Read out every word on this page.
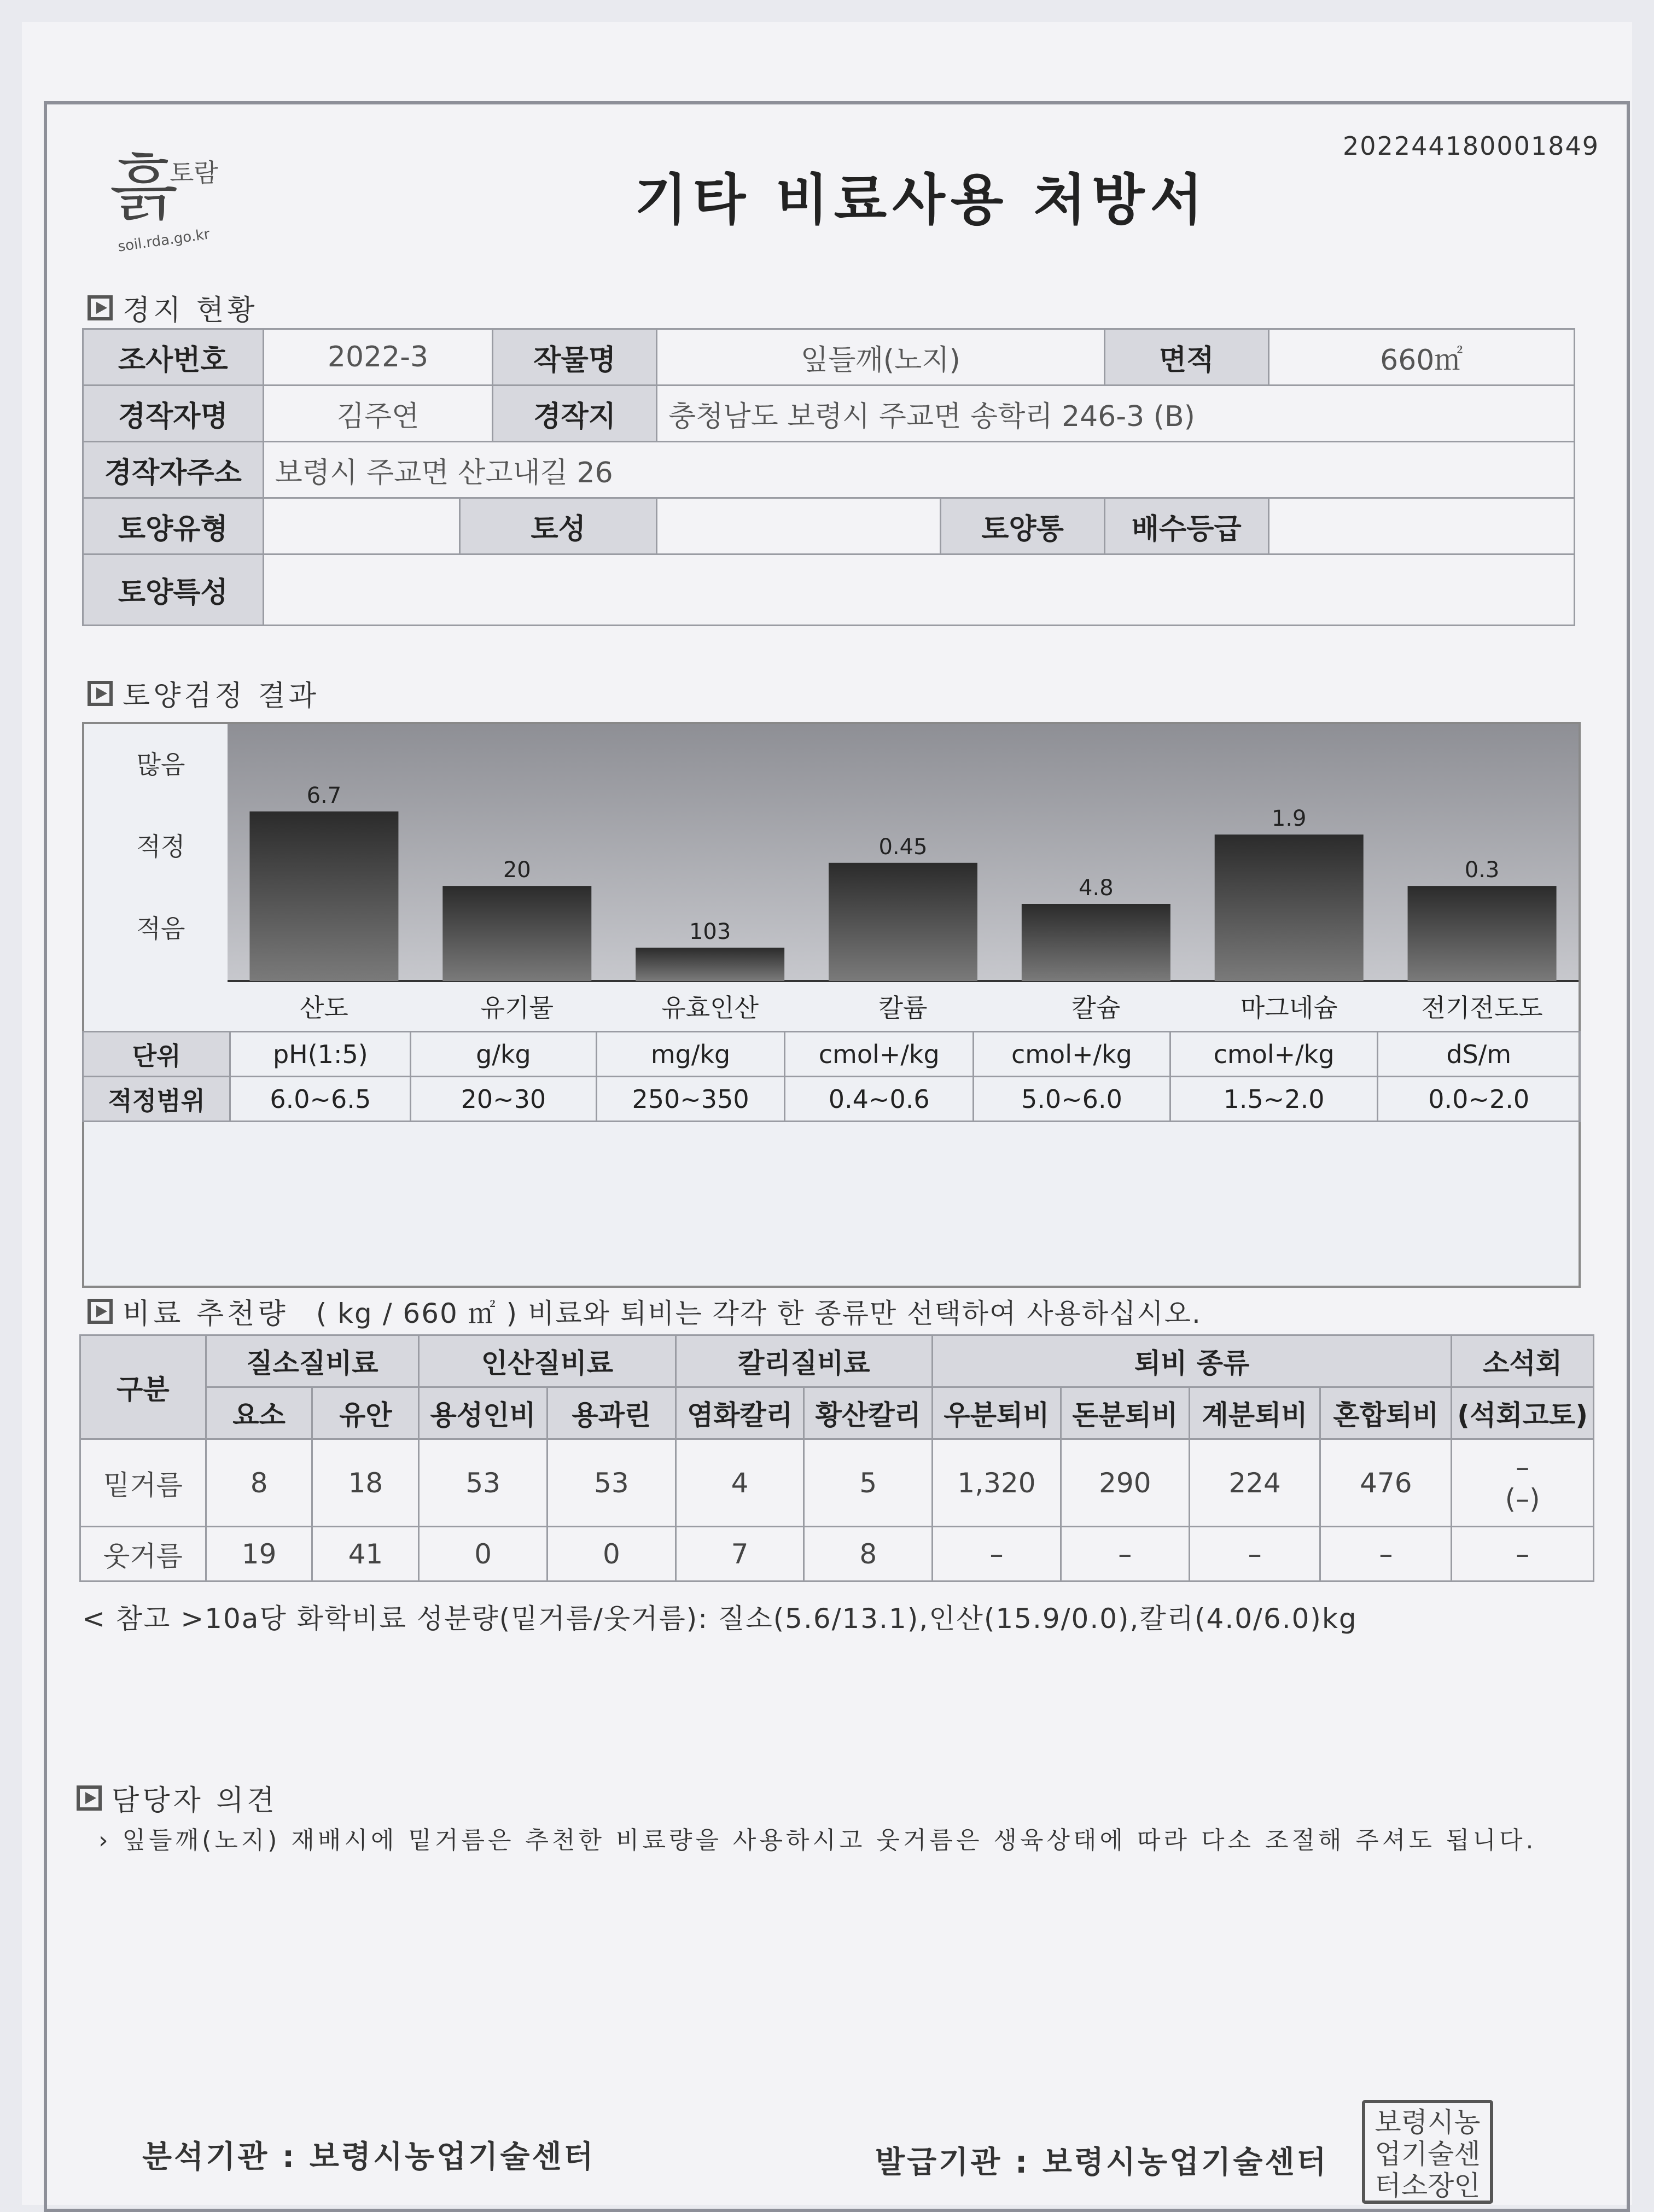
202244180001849
흙
토람
soil.rda.go.kr
기타 비료사용 처방서
경지 현황
조사번호	2022-3		작물명	잎들깨(노지)		면적	660㎡
경작자명	김주연		경작지	충청남도 보령시 주교면 송학리 246-3 (B)			
경작자주소	보령시 주교면 산고내길 26						
토양유형		토성			토양통	배수등급	
토양특성							
토양검정 결과
많음
적정
적음
6.7
산도
20
유기물
103
유효인산
0.45
칼륨
4.8
칼슘
1.9
마그네슘
0.3
전기전도도
단위	pH(1:5)	g/kg	mg/kg	cmol+/kg	cmol+/kg	cmol+/kg	dS/m
적정범위	6.0~6.5	20~30	250~350	0.4~0.6	5.0~6.0	1.5~2.0	0.0~2.0
비료 추천량 ( kg / 660 ㎡ ) 비료와 퇴비는 각각 한 종류만 선택하여 사용하십시오.
구분	질소질비료		인산질비료		칼리질비료		퇴비 종류				소석회
	요소	유안	용성인비	용과린	염화칼리	황산칼리	우분퇴비	돈분퇴비	계분퇴비	혼합퇴비	(석회고토)
밑거름	8	18	53	53	4	5	1,320	290	224	476	–
(–)

웃거름	19	41	0	0	7	8	–	–	–	–	–
< 참고 >10a당 화학비료 성분량(밑거름/웃거름): 질소(5.6/13.1),인산(15.9/0.0),칼리(4.0/6.0)kg
담당자 의견
› 잎들깨(노지) 재배시에 밑거름은 추천한 비료량을 사용하시고 웃거름은 생육상태에 따라 다소 조절해 주셔도 됩니다.
분석기관 : 보령시농업기술센터	발급기관 : 보령시농업기술센터
보령시농
업기술센
터소장인
